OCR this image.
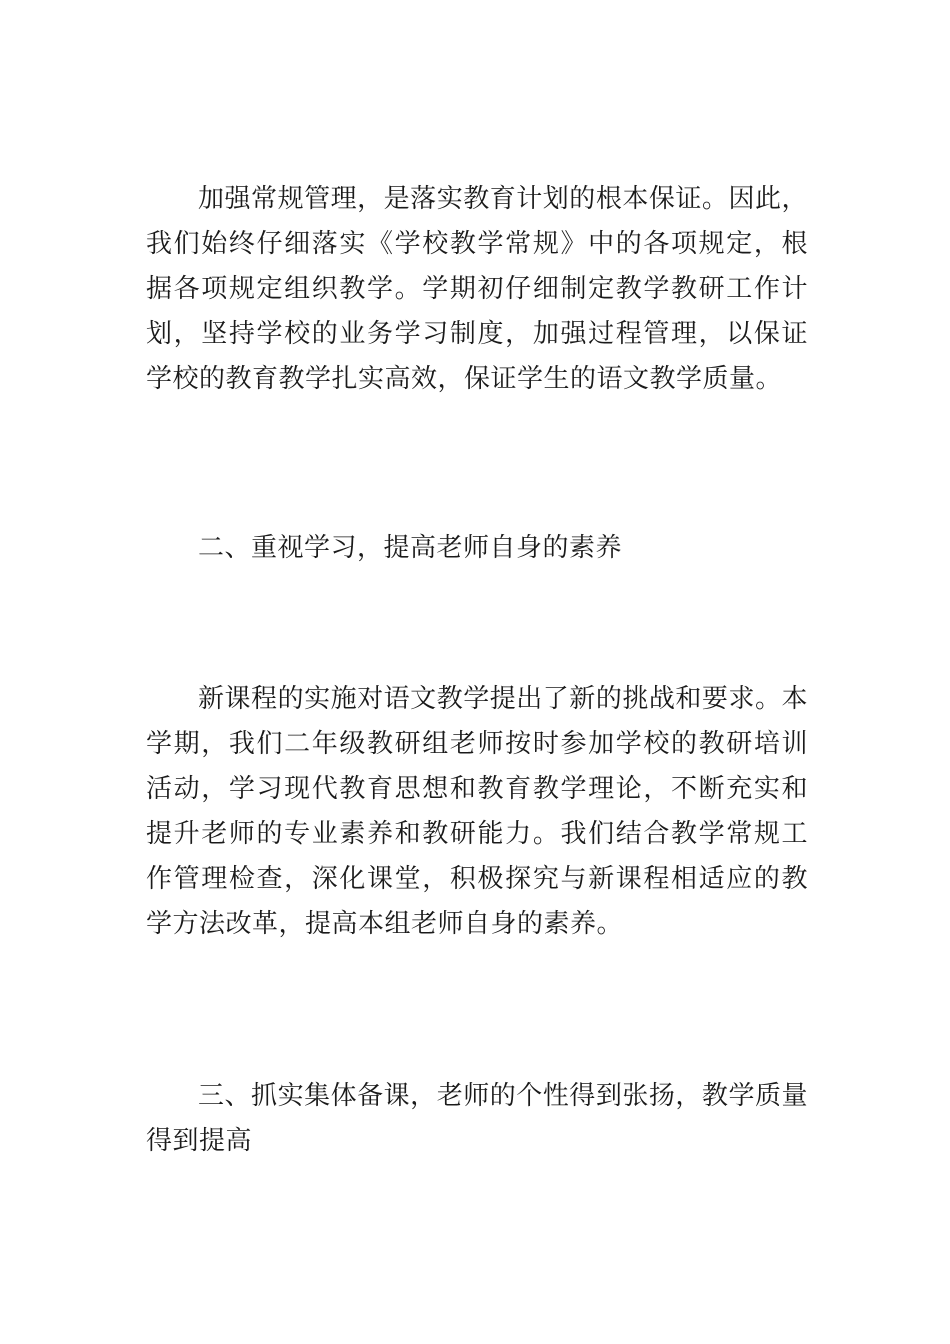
加强常规管理，是落实教育计划的根本保证。因此，我们始终仔细落实《学校教学常规》中的各项规定，根据各项规定组织教学。学期初仔细制定教学教研工作计划，坚持学校的业务学习制度，加强过程管理，以保证学校的教育教学扎实高效，保证学生的语文教学质量。

二、重视学习，提高老师自身的素养

新课程的实施对语文教学提出了新的挑战和要求。本学期，我们二年级教研组老师按时参加学校的教研培训活动，学习现代教育思想和教育教学理论，不断充实和提升老师的专业素养和教研能力。我们结合教学常规工作管理检查，深化课堂，积极探究与新课程相适应的教学方法改革，提高本组老师自身的素养。

三、抓实集体备课，老师的个性得到张扬，教学质量得到提高
